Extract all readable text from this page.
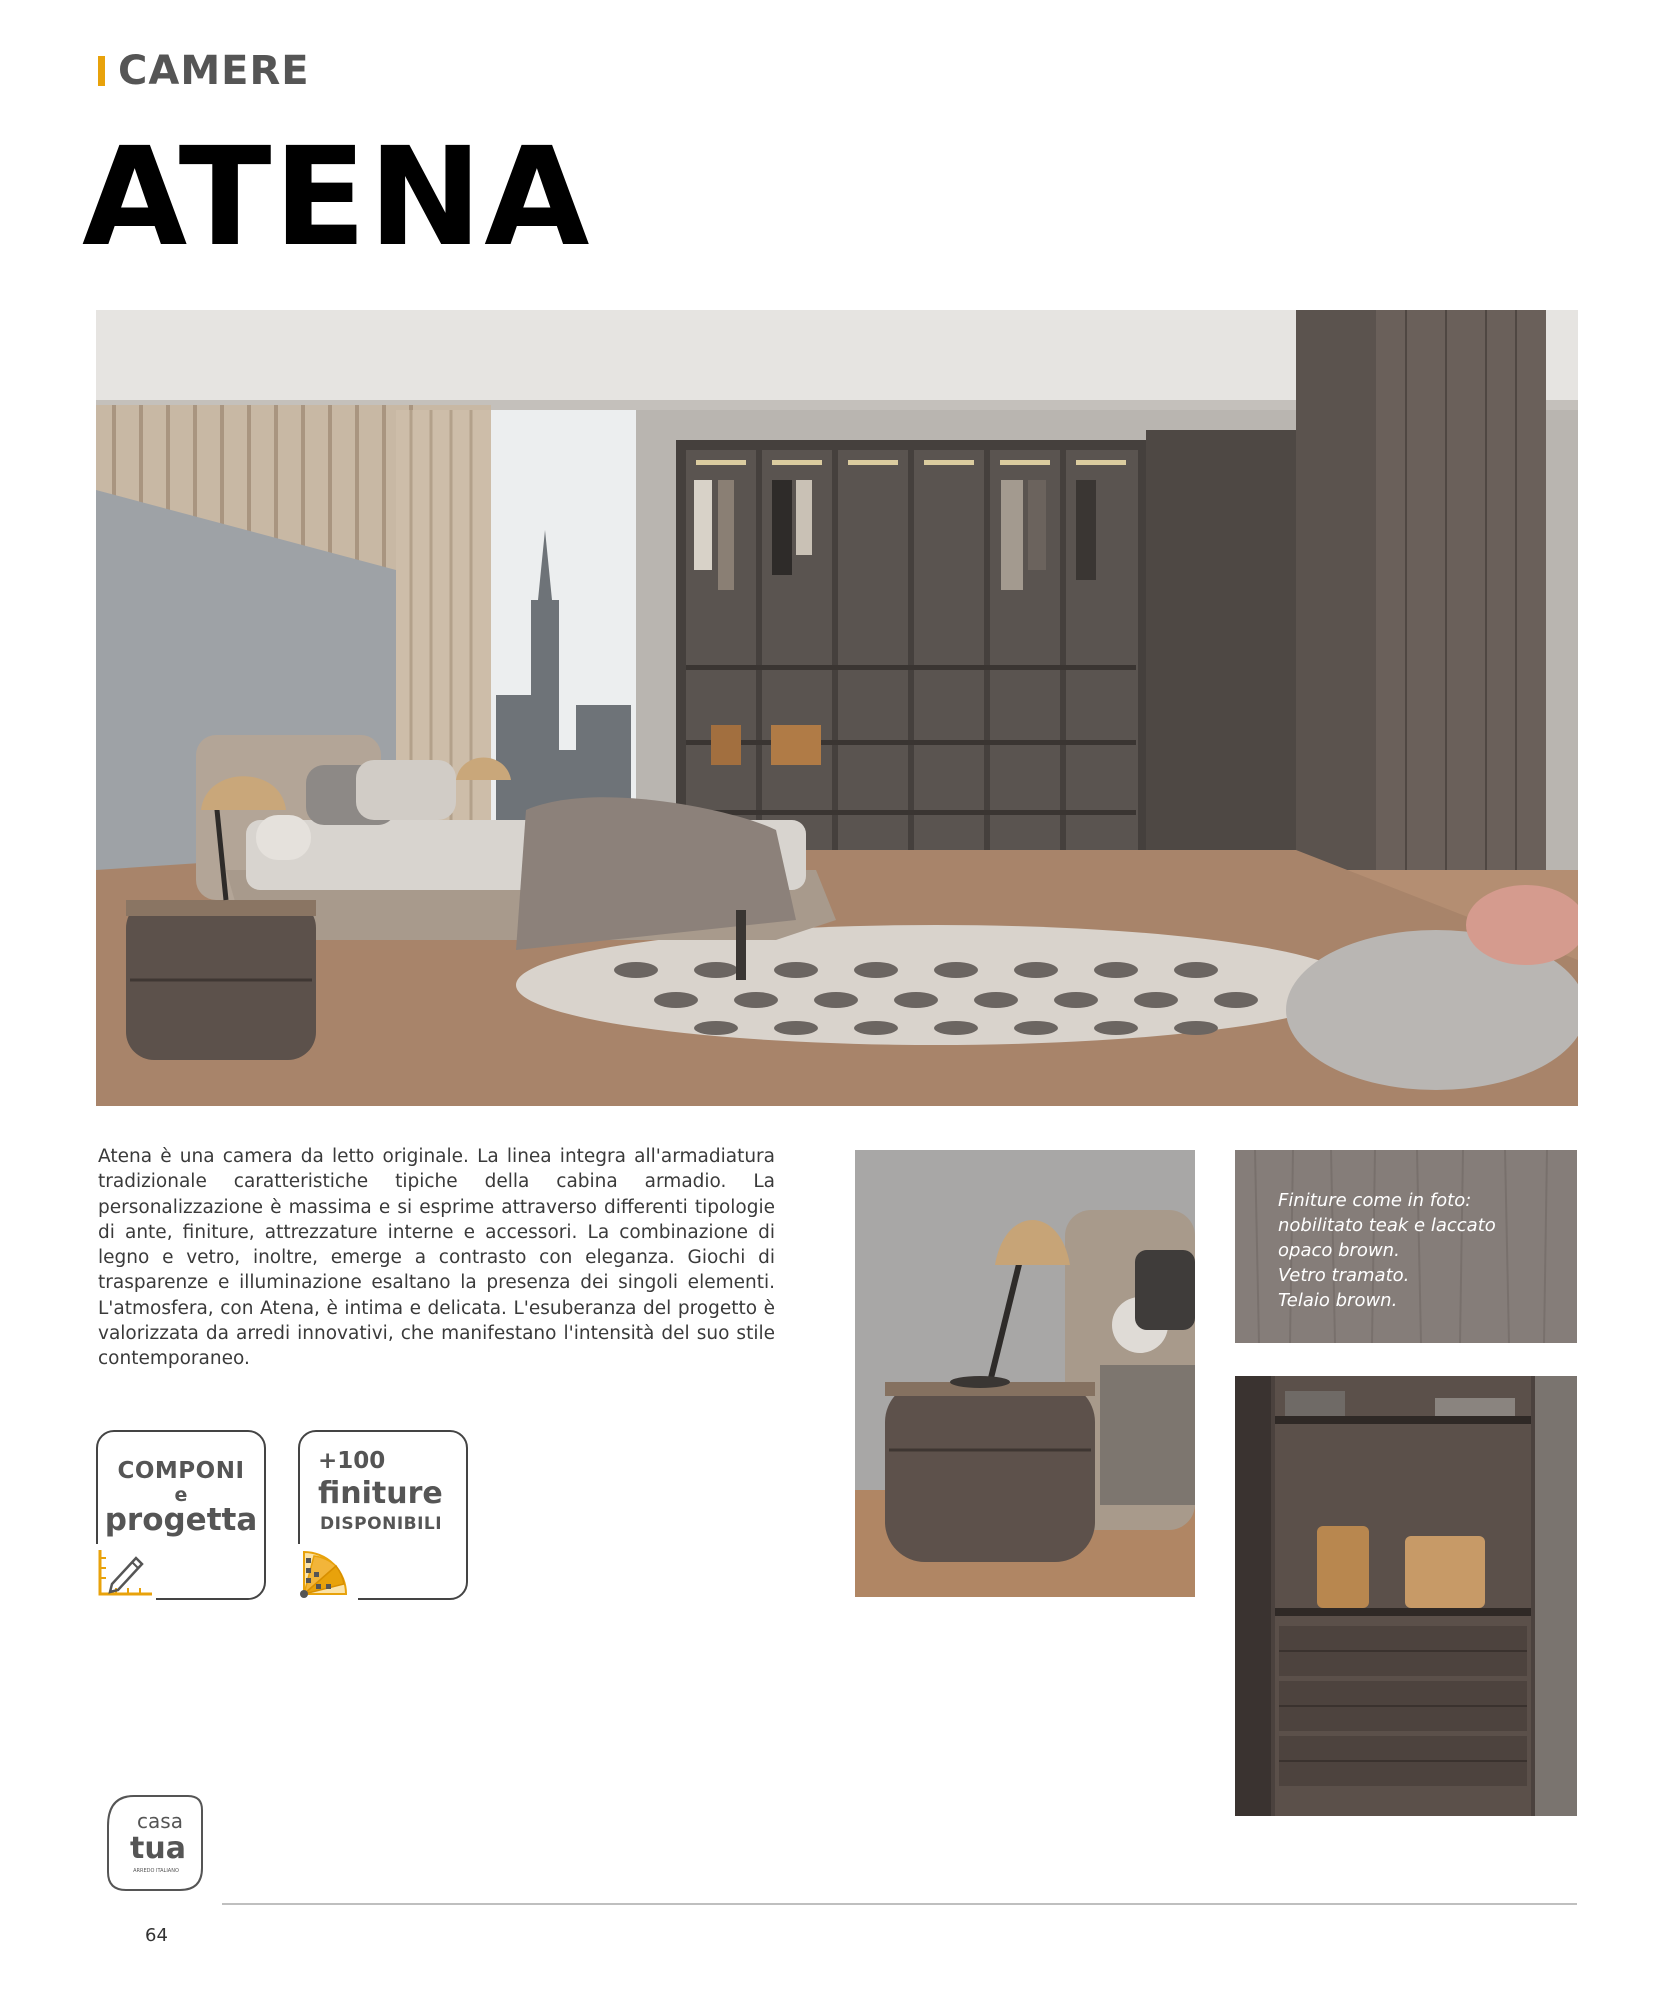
CAMERE
ATENA
Atena è una camera da letto originale. La linea integra all'armadiatura tradizionale caratteristiche tipiche della cabina armadio. La personalizzazione è massima e si esprime attraverso differenti tipologie di ante, finiture, attrezzature interne e accessori. La combinazione di legno e vetro, inoltre, emerge a contrasto con eleganza. Giochi di trasparenze e illuminazione esaltano la presenza dei singoli elementi. L'atmosfera, con Atena, è intima e delicata. L'esuberanza del progetto è valorizzata da arredi innovativi, che manifestano l'intensità del suo stile contemporaneo.
COMPONI
e
progetta
+100
finiture
DISPONIBILI
Finiture come in foto:
nobilitato teak e laccato
opaco brown.
Vetro tramato.
Telaio brown.
casa
tua
ARREDO ITALIANO
64
